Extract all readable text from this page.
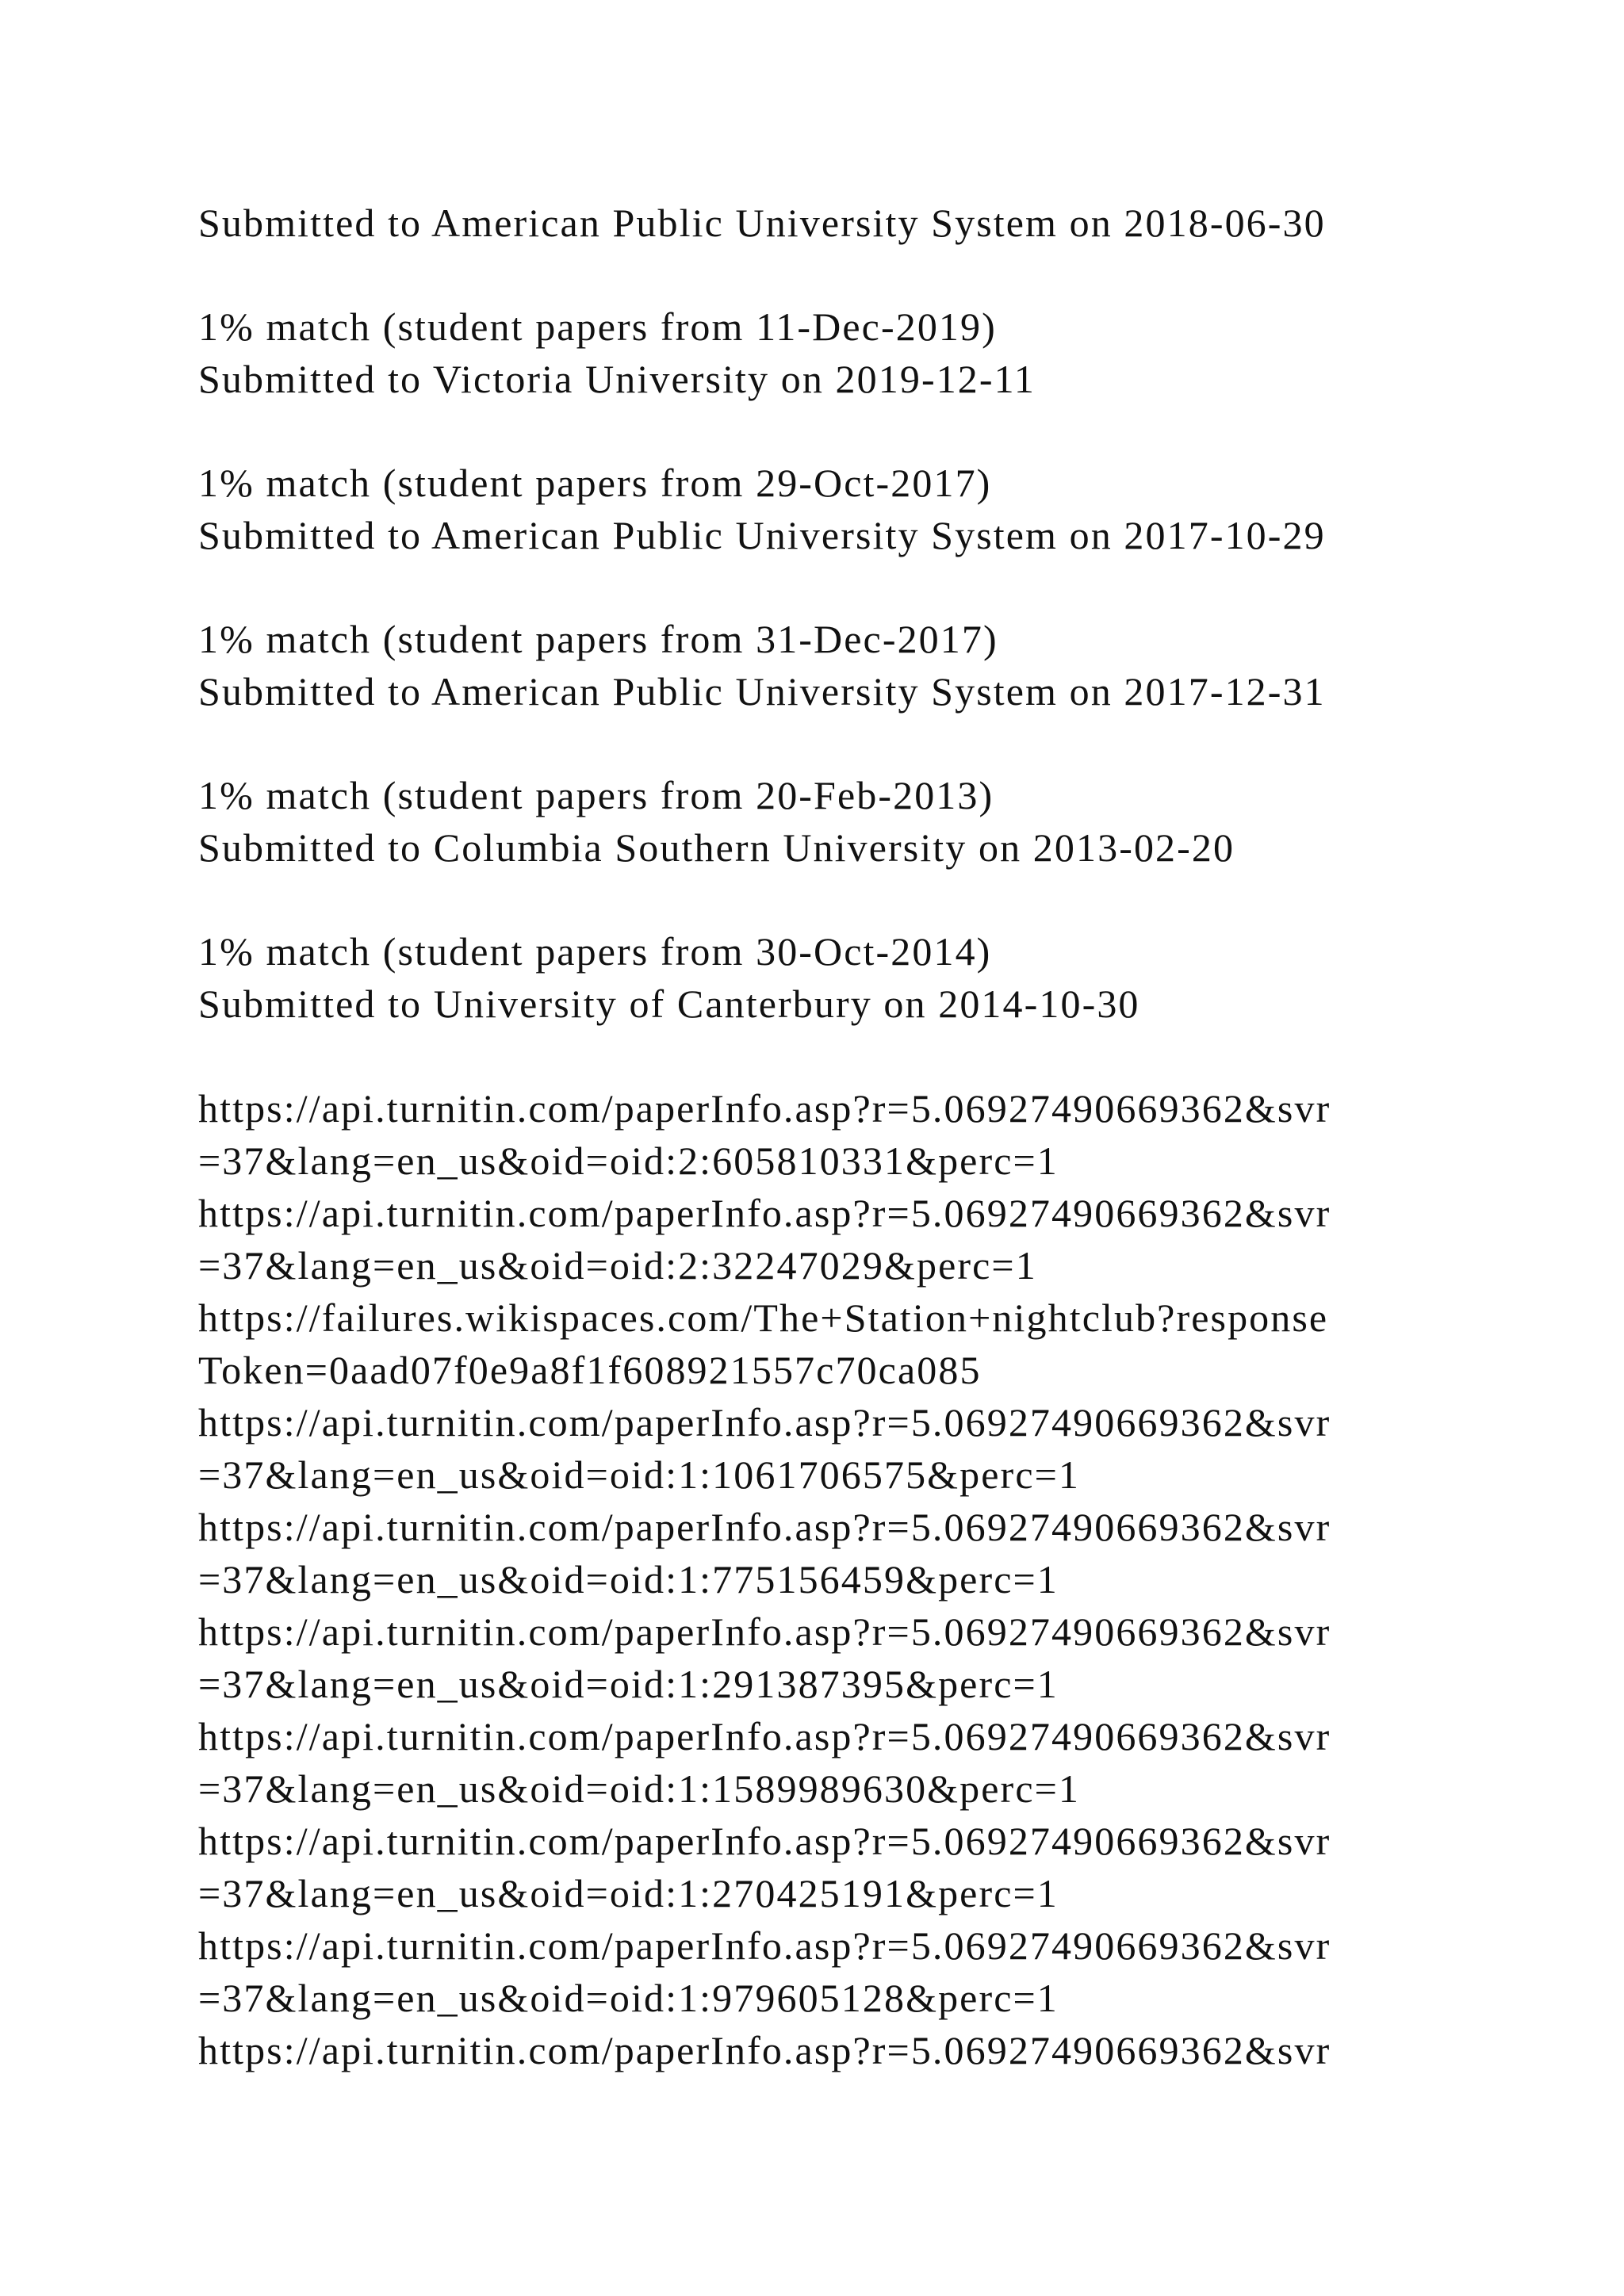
Submitted to American Public University System on 2018-06-30
1% match (student papers from 11-Dec-2019)
Submitted to Victoria University on 2019-12-11
1% match (student papers from 29-Oct-2017)
Submitted to American Public University System on 2017-10-29
1% match (student papers from 31-Dec-2017)
Submitted to American Public University System on 2017-12-31
1% match (student papers from 20-Feb-2013)
Submitted to Columbia Southern University on 2013-02-20
1% match (student papers from 30-Oct-2014)
Submitted to University of Canterbury on 2014-10-30
https://api.turnitin.com/paperInfo.asp?r=5.06927490669362&svr
=37&lang=en_us&oid=oid:2:605810331&perc=1
https://api.turnitin.com/paperInfo.asp?r=5.06927490669362&svr
=37&lang=en_us&oid=oid:2:32247029&perc=1
https://failures.wikispaces.com/The+Station+nightclub?response
Token=0aad07f0e9a8f1f608921557c70ca085
https://api.turnitin.com/paperInfo.asp?r=5.06927490669362&svr
=37&lang=en_us&oid=oid:1:1061706575&perc=1
https://api.turnitin.com/paperInfo.asp?r=5.06927490669362&svr
=37&lang=en_us&oid=oid:1:775156459&perc=1
https://api.turnitin.com/paperInfo.asp?r=5.06927490669362&svr
=37&lang=en_us&oid=oid:1:291387395&perc=1
https://api.turnitin.com/paperInfo.asp?r=5.06927490669362&svr
=37&lang=en_us&oid=oid:1:1589989630&perc=1
https://api.turnitin.com/paperInfo.asp?r=5.06927490669362&svr
=37&lang=en_us&oid=oid:1:270425191&perc=1
https://api.turnitin.com/paperInfo.asp?r=5.06927490669362&svr
=37&lang=en_us&oid=oid:1:979605128&perc=1
https://api.turnitin.com/paperInfo.asp?r=5.06927490669362&svr
